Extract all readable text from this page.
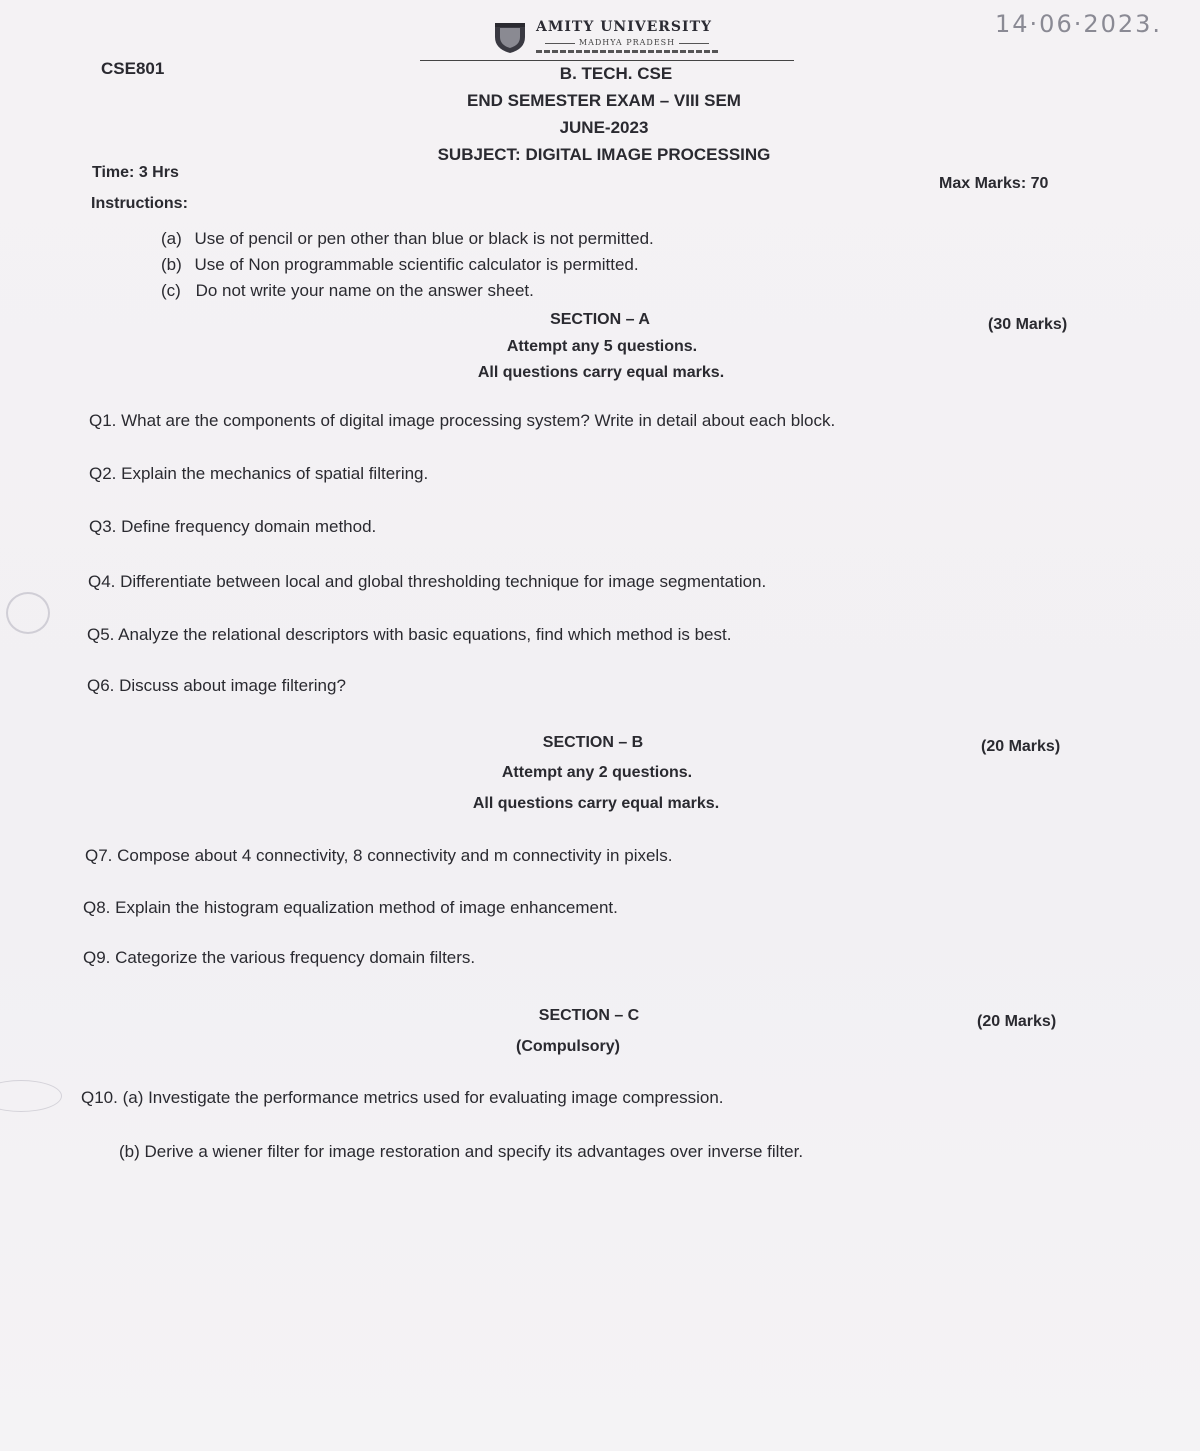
CSE801
AMITY UNIVERSITY
MADHYA PRADESH
14·06·2023.
B. TECH. CSE
END SEMESTER EXAM – VIII SEM
JUNE-2023
SUBJECT: DIGITAL IMAGE PROCESSING
Time: 3 Hrs
Max Marks: 70
Instructions:
(a) Use of pencil or pen other than blue or black is not permitted.
(b) Use of Non programmable scientific calculator is permitted.
(c) Do not write your name on the answer sheet.
SECTION – A	(30 Marks)
Attempt any 5 questions.
All questions carry equal marks.
Q1. What are the components of digital image processing system? Write in detail about each block.
Q2. Explain the mechanics of spatial filtering.
Q3. Define frequency domain method.
Q4. Differentiate between local and global thresholding technique for image segmentation.
Q5. Analyze the relational descriptors with basic equations, find which method is best.
Q6. Discuss about image filtering?
SECTION – B	(20 Marks)
Attempt any 2 questions.
All questions carry equal marks.
Q7. Compose about 4 connectivity, 8 connectivity and m connectivity in pixels.
Q8. Explain the histogram equalization method of image enhancement.
Q9. Categorize the various frequency domain filters.
SECTION – C	(20 Marks)
(Compulsory)
Q10. (a) Investigate the performance metrics used for evaluating image compression.
(b) Derive a wiener filter for image restoration and specify its advantages over inverse filter.
